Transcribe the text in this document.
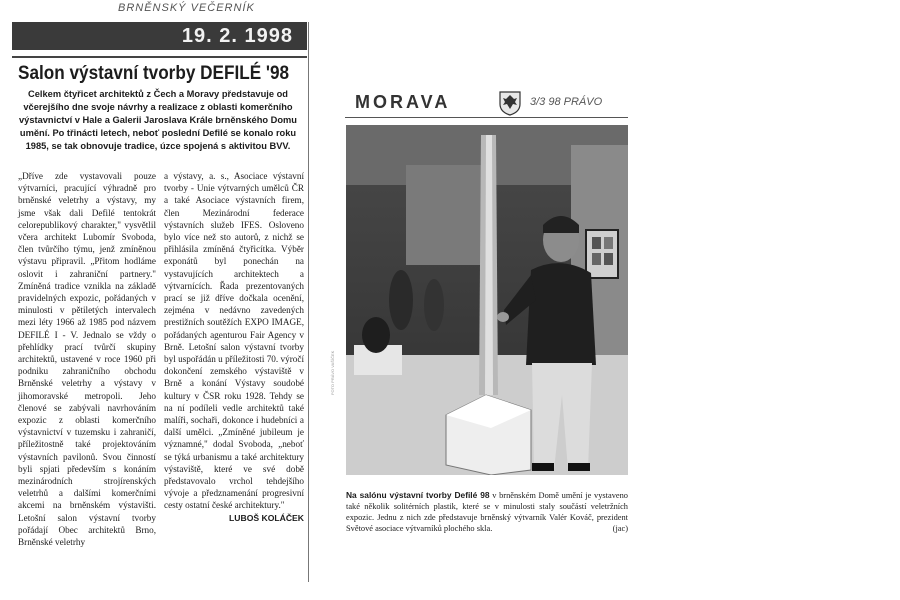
BRNĚNSKÝ VEČERNÍK
19. 2. 1998
Salon výstavní tvorby DEFILÉ '98
Celkem čtyřicet architektů z Čech a Moravy představuje od včerejšího dne svoje návrhy a realizace z oblasti komerčního výstavnictví v Hale a Galerii Jaroslava Krále brněnského Domu umění. Po třinácti letech, neboť poslední Defilé se konalo roku 1985, se tak obnovuje tradice, úzce spojená s aktivitou BVV.
„Dříve zde vystavovali pouze výtvarníci, pracující výhradně pro brněnské veletrhy a výstavy, my jsme však dali Defilé tentokrát celorepublikový charakter," vysvětlil včera architekt Lubomír Svoboda, člen tvůrčího týmu, jenž zmíněnou výstavu připravil. „Přitom hodláme oslovit i zahraniční partnery." Zmíněná tradice vznikla na základě pravidelných expozic, pořádaných v minulosti v pětiletých intervalech mezi léty 1966 až 1985 pod názvem DEFILÉ I - V. Jednalo se vždy o přehlídky prací tvůrčí skupiny architektů, ustavené v roce 1960 při podniku zahraničního obchodu Brněnské veletrhy a výstavy v jihomoravské metropoli. Jeho členové se zabývali navrhováním expozic z oblasti komerčního výstavnictví v tuzemsku i zahraničí, příležitostně také projektováním výstavních pavilonů. Svou činností byli spjati především s konáním mezinárodních strojírenských veletrhů a dalšími komerčními akcemi na brněnském výstavišti. Letošní salon výstavní tvorby pořádají Obec architektů Brno, Brněnské veletrhy
a výstavy, a. s., Asociace výstavní tvorby - Unie výtvarných umělců ČR a také Asociace výstavních firem, člen Mezinárodní federace výstavních služeb IFES. Osloveno bylo více než sto autorů, z nichž se přihlásila zmíněná čtyřicítka. Výběr exponátů byl ponechán na vystavujících architektech a výtvarnících. Řada prezentovaných prací se již dříve dočkala ocenění, zejména v nedávno zavedených prestižních soutěžích EXPO IMAGE, pořádaných agenturou Fair Agency v Brně. Letošní salon výstavní tvorby byl uspořádán u příležitosti 70. výročí dokončení zemského výstaviště v Brně a konání Výstavy soudobé kultury v ČSR roku 1928. Tehdy se na ní podíleli vedle architektů také malíři, sochaři, dokonce i hudebníci a další umělci. „Zmíněné jubileum je významné," dodal Svoboda, „neboť se týká urbanismu a také architektury výstaviště, které ve své době představovalo vrchol tehdejšího vývoje a předznamenání progresivní cesty ostatní české architektury."
LUBOŠ KOLÁČEK
MORAVA	3/3 98 PRÁVO
FOTO PRÁVO VAŠÍČEK
Na salónu výstavní tvorby Defilé 98 v brněnském Domě umění je vystaveno také několik solitérních plastik, které se v minulosti staly součástí veletržních expozic. Jednu z nich zde představuje brněnský výtvarník Valér Kováč, prezident Světové asociace výtvarníků plochého skla.	(jac)
